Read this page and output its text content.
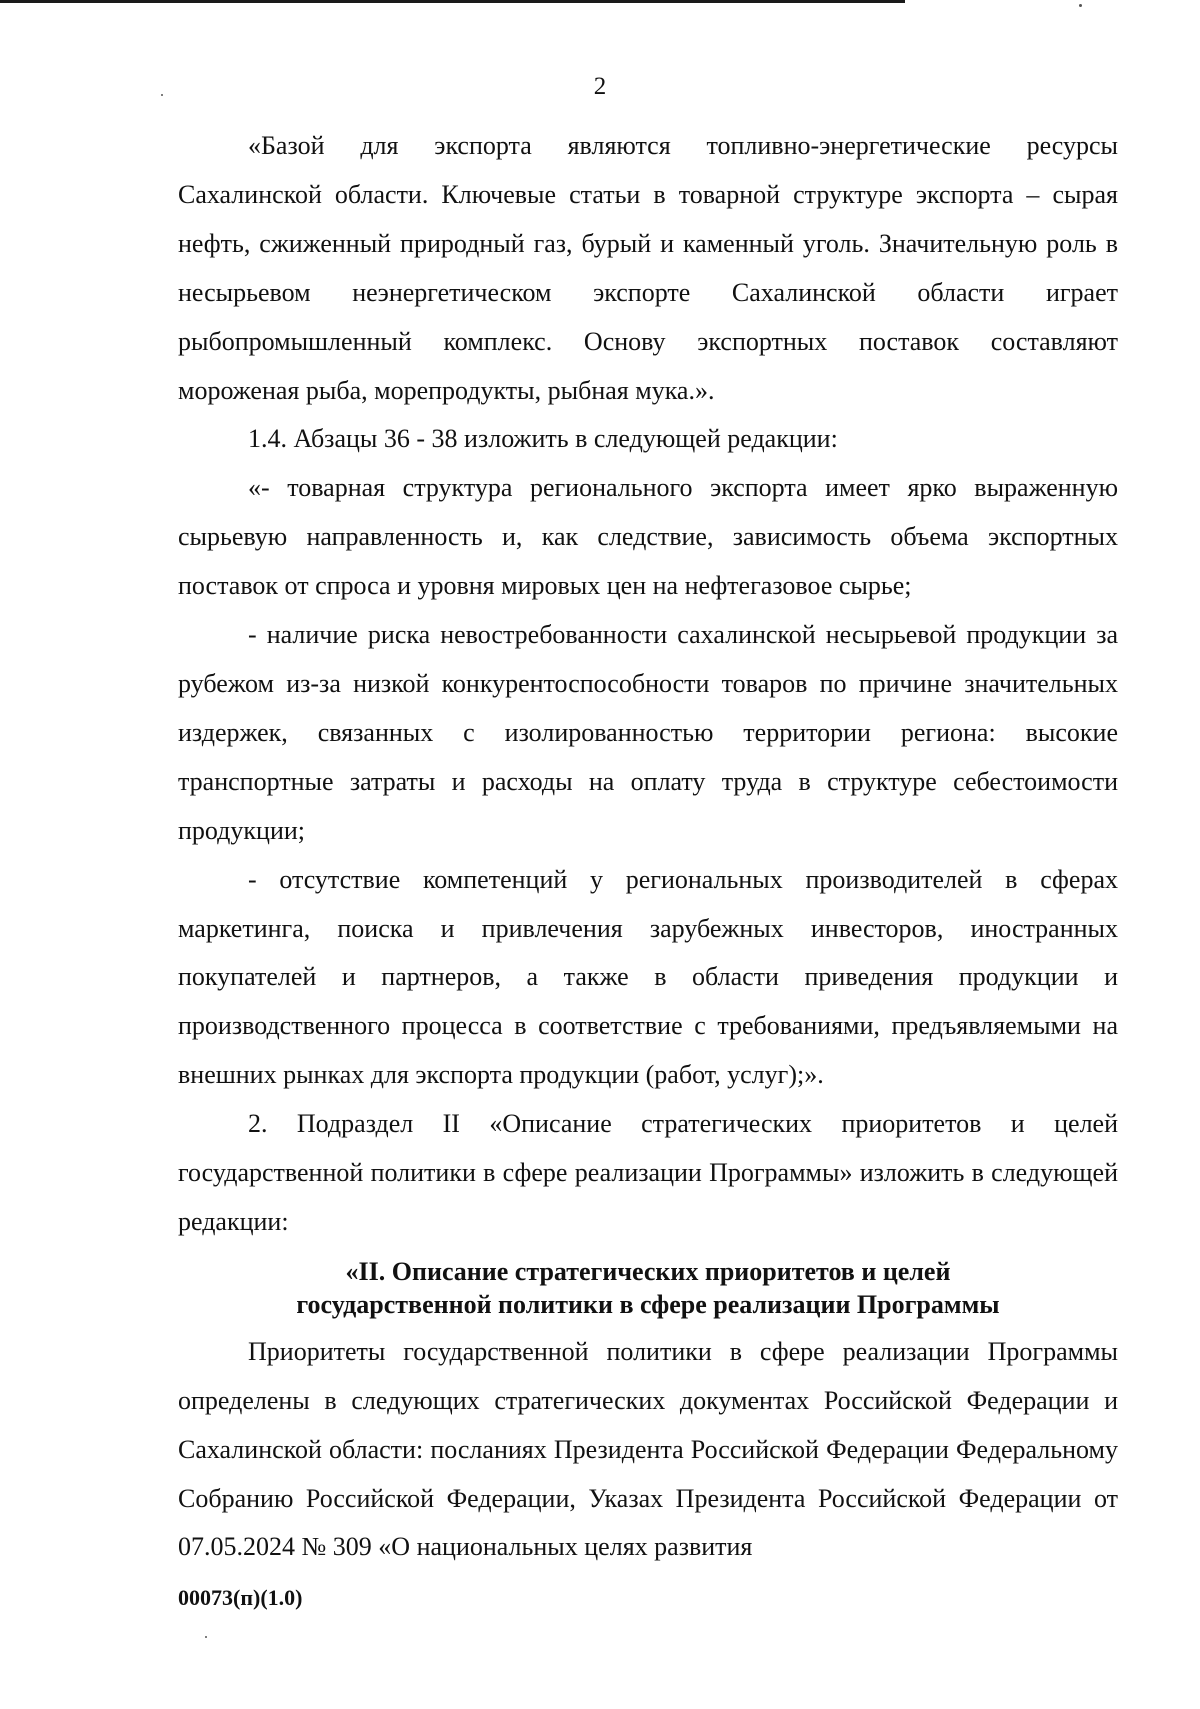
2

«Базой для экспорта являются топливно-энергетические ресурсы Сахалинской области. Ключевые статьи в товарной структуре экспорта – сырая нефть, сжиженный природный газ, бурый и каменный уголь. Значительную роль в несырьевом неэнергетическом экспорте Сахалинской области играет рыбопромышленный комплекс. Основу экспортных поставок составляют мороженая рыба, морепродукты, рыбная мука.».

1.4. Абзацы 36 - 38 изложить в следующей редакции:

«- товарная структура регионального экспорта имеет ярко выраженную сырьевую направленность и, как следствие, зависимость объема экспортных поставок от спроса и уровня мировых цен на нефтегазовое сырье;

- наличие риска невостребованности сахалинской несырьевой продукции за рубежом из-за низкой конкурентоспособности товаров по причине значительных издержек, связанных с изолированностью территории региона: высокие транспортные затраты и расходы на оплату труда в структуре себестоимости продукции;

- отсутствие компетенций у региональных производителей в сферах маркетинга, поиска и привлечения зарубежных инвесторов, иностранных покупателей и партнеров, а также в области приведения продукции и производственного процесса в соответствие с требованиями, предъявляемыми на внешних рынках для экспорта продукции (работ, услуг);».

2. Подраздел II «Описание стратегических приоритетов и целей государственной политики в сфере реализации Программы» изложить в следующей редакции:

«II. Описание стратегических приоритетов и целей
государственной политики в сфере реализации Программы

Приоритеты государственной политики в сфере реализации Программы определены в следующих стратегических документах Российской Федерации и Сахалинской области: посланиях Президента Российской Федерации Федеральному Собранию Российской Федерации, Указах Президента Российской Федерации от 07.05.2024 № 309 «О национальных целях развития

00073(п)(1.0)
